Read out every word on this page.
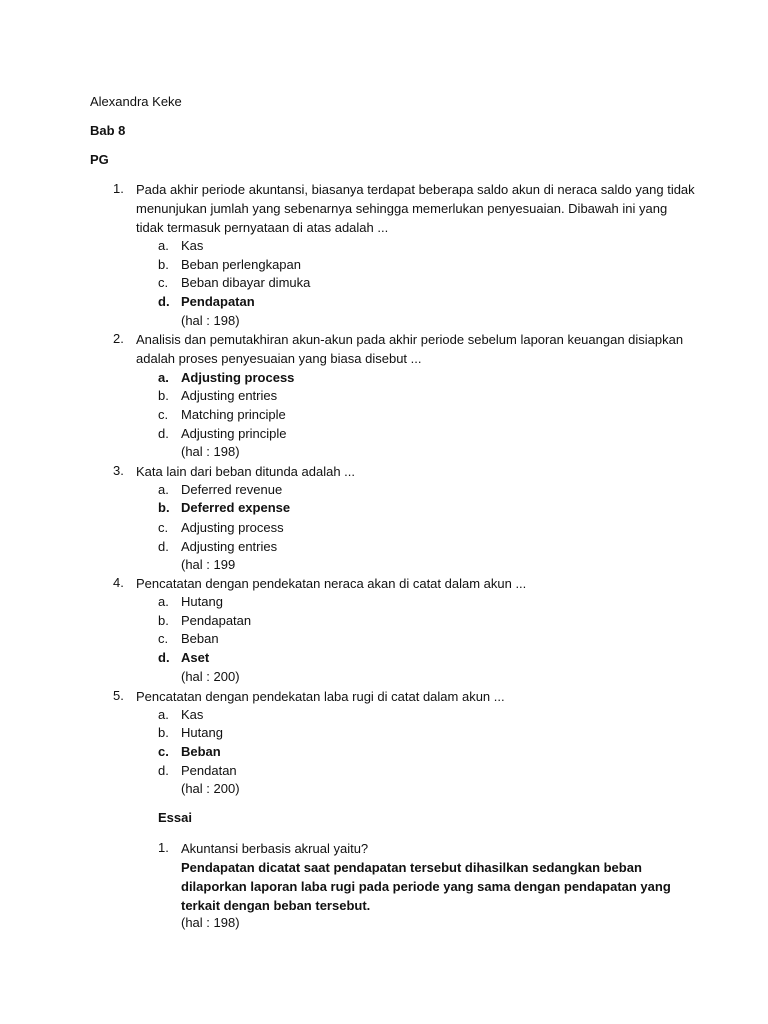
Alexandra Keke
Bab 8
PG
1. Pada akhir periode akuntansi, biasanya terdapat beberapa saldo akun di neraca saldo yang tidak menunjukan jumlah yang sebenarnya sehingga memerlukan penyesuaian. Dibawah ini yang tidak termasuk pernyataan di atas adalah ...
a. Kas
b. Beban perlengkapan
c. Beban dibayar dimuka
d. Pendapatan
(hal : 198)
2. Analisis dan pemutakhiran akun-akun pada akhir periode sebelum laporan keuangan disiapkan adalah proses penyesuaian yang biasa disebut ...
a. Adjusting process
b. Adjusting entries
c. Matching principle
d. Adjusting principle
(hal : 198)
3. Kata lain dari beban ditunda adalah ...
a. Deferred revenue
b. Deferred expense
c. Adjusting process
d. Adjusting entries
(hal : 199
4. Pencatatan dengan pendekatan neraca akan di catat dalam akun ...
a. Hutang
b. Pendapatan
c. Beban
d. Aset
(hal : 200)
5. Pencatatan dengan pendekatan laba rugi di catat dalam akun ...
a. Kas
b. Hutang
c. Beban
d. Pendatan
(hal : 200)
Essai
1. Akuntansi berbasis akrual yaitu?
Pendapatan dicatat saat pendapatan tersebut dihasilkan sedangkan beban dilaporkan laporan laba rugi pada periode yang sama dengan pendapatan yang terkait dengan beban tersebut.
(hal : 198)
